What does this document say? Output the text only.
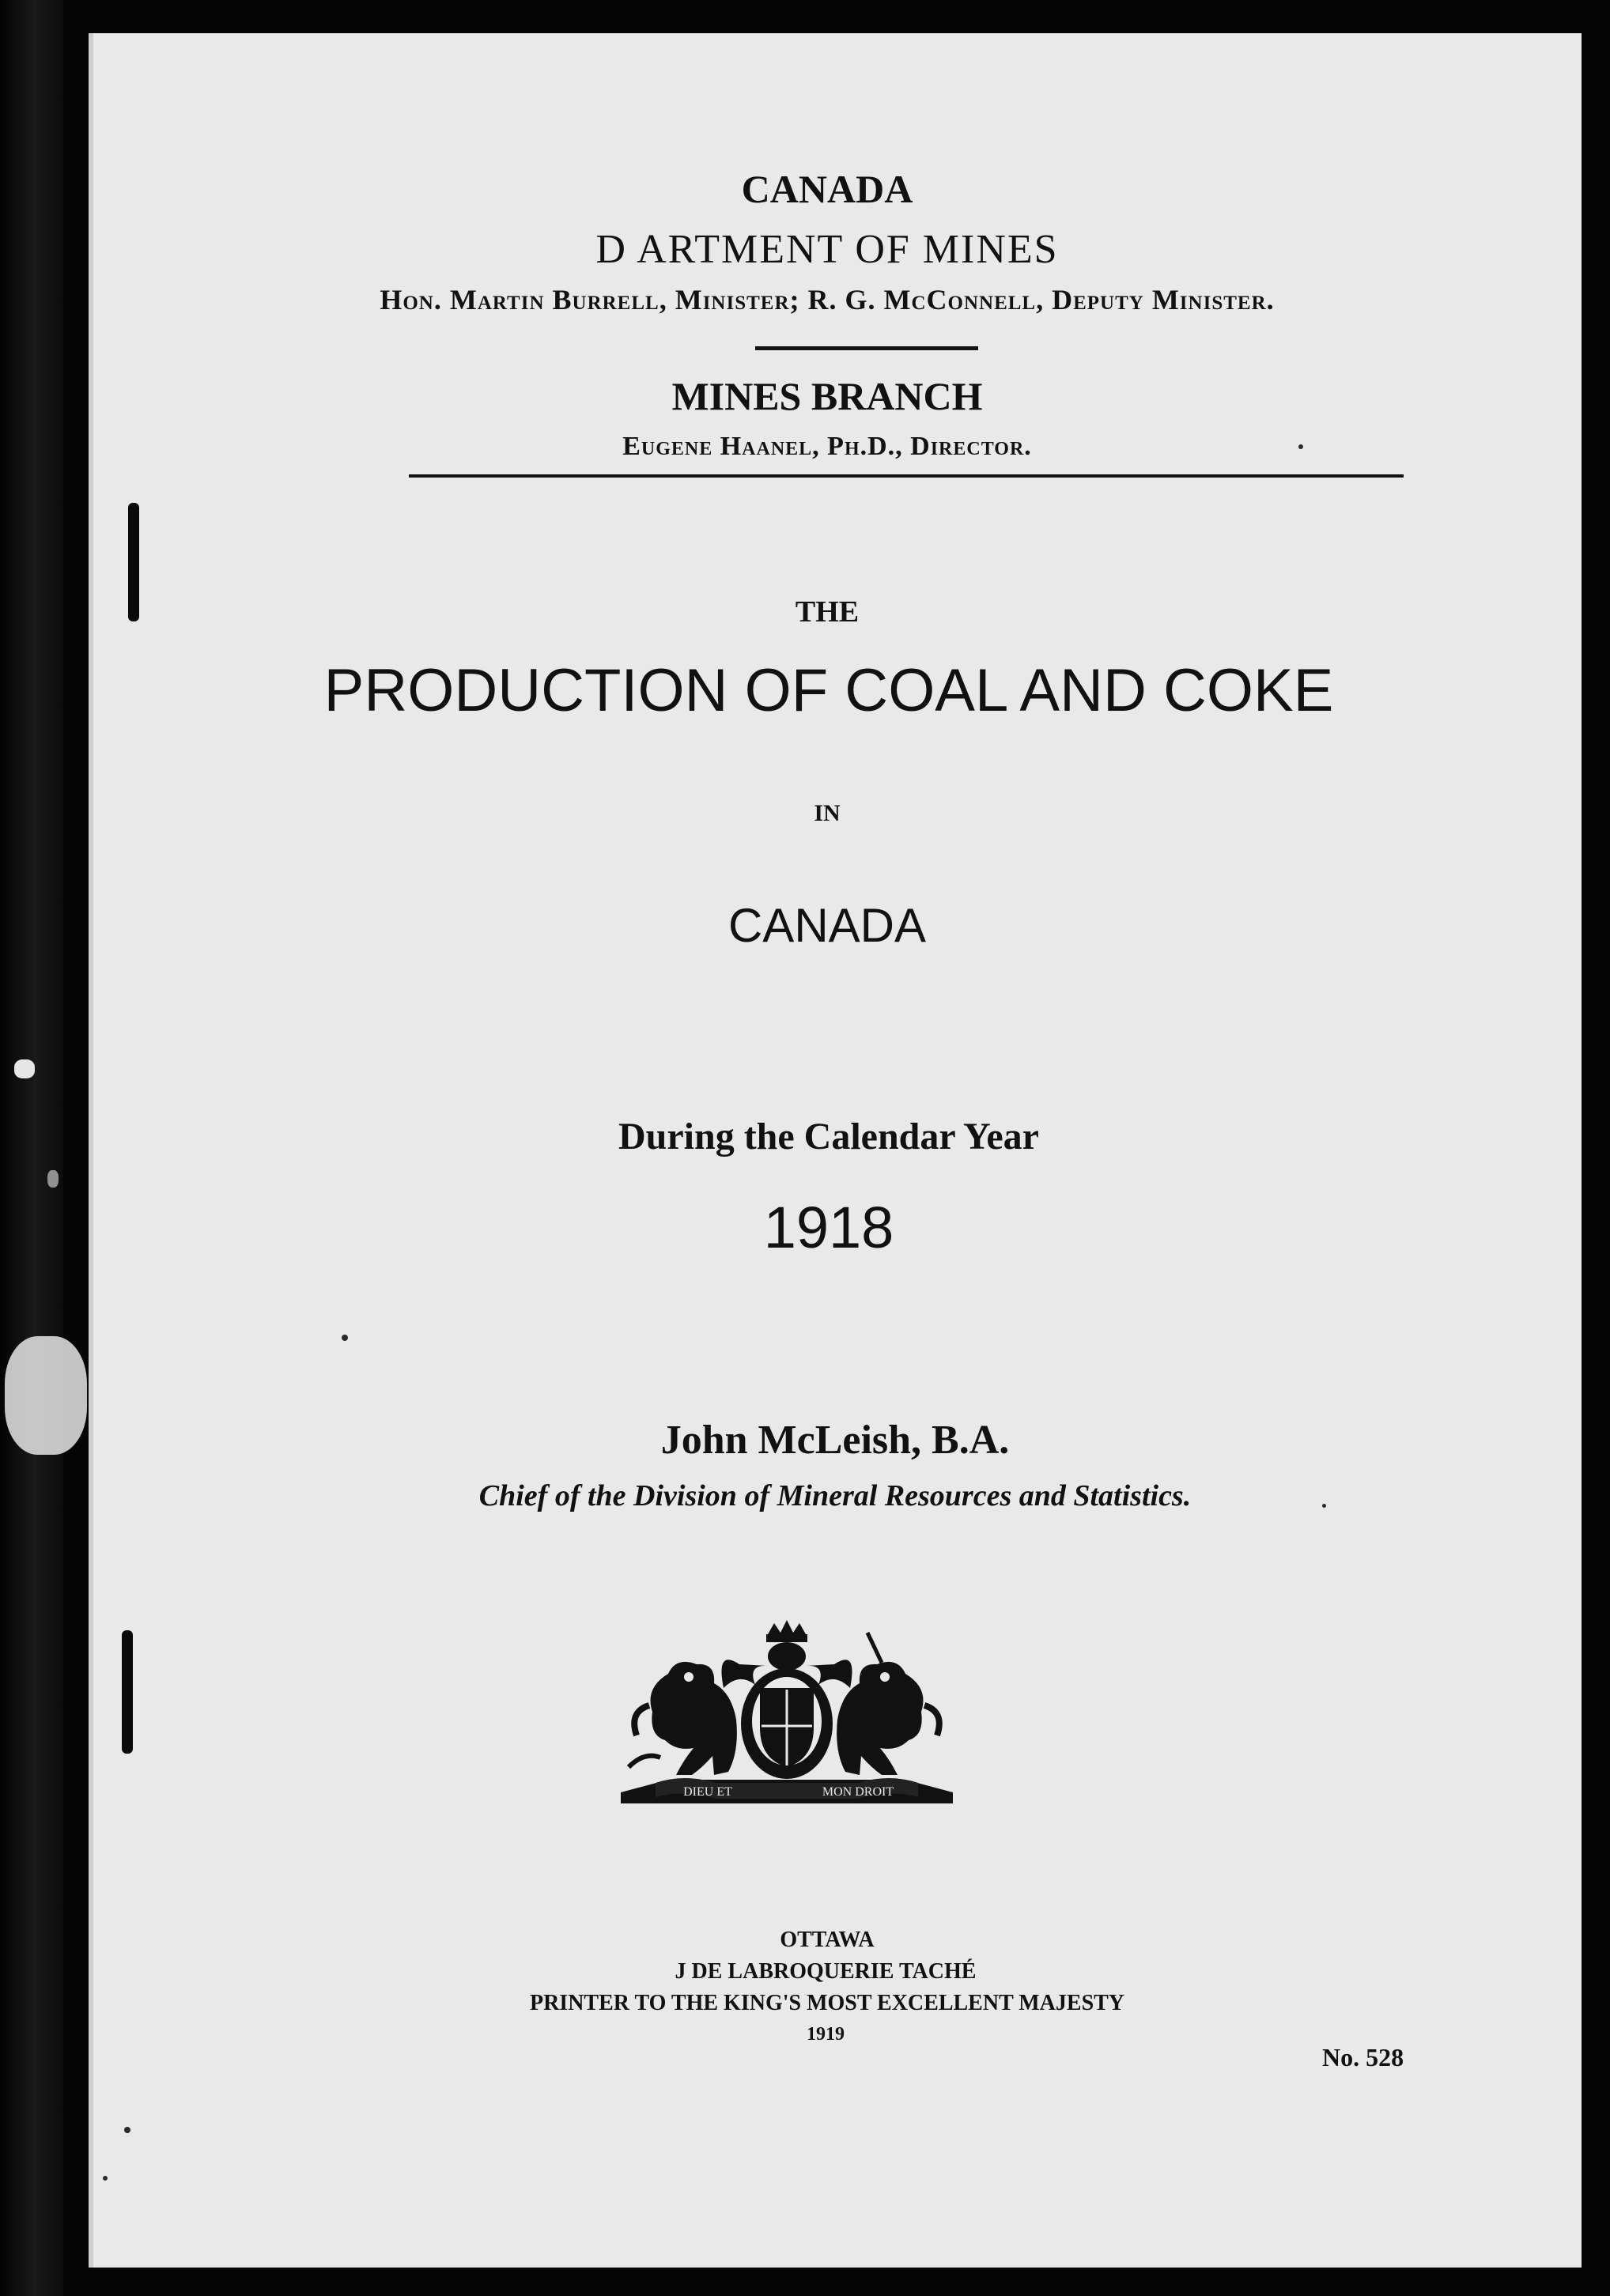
CANADA
D ARTMENT OF MINES
Hon. Martin Burrell, Minister; R. G. McConnell, Deputy Minister.
MINES BRANCH
Eugene Haanel, Ph.D., Director.
THE
PRODUCTION OF COAL AND COKE
IN
CANADA
During the Calendar Year
1918
John McLeish, B.A.
Chief of the Division of Mineral Resources and Statistics.
OTTAWA
J DE LABROQUERIE TACHÉ
PRINTER TO THE KING'S MOST EXCELLENT MAJESTY
1919
No. 528
DIEU ET	MON DROIT
